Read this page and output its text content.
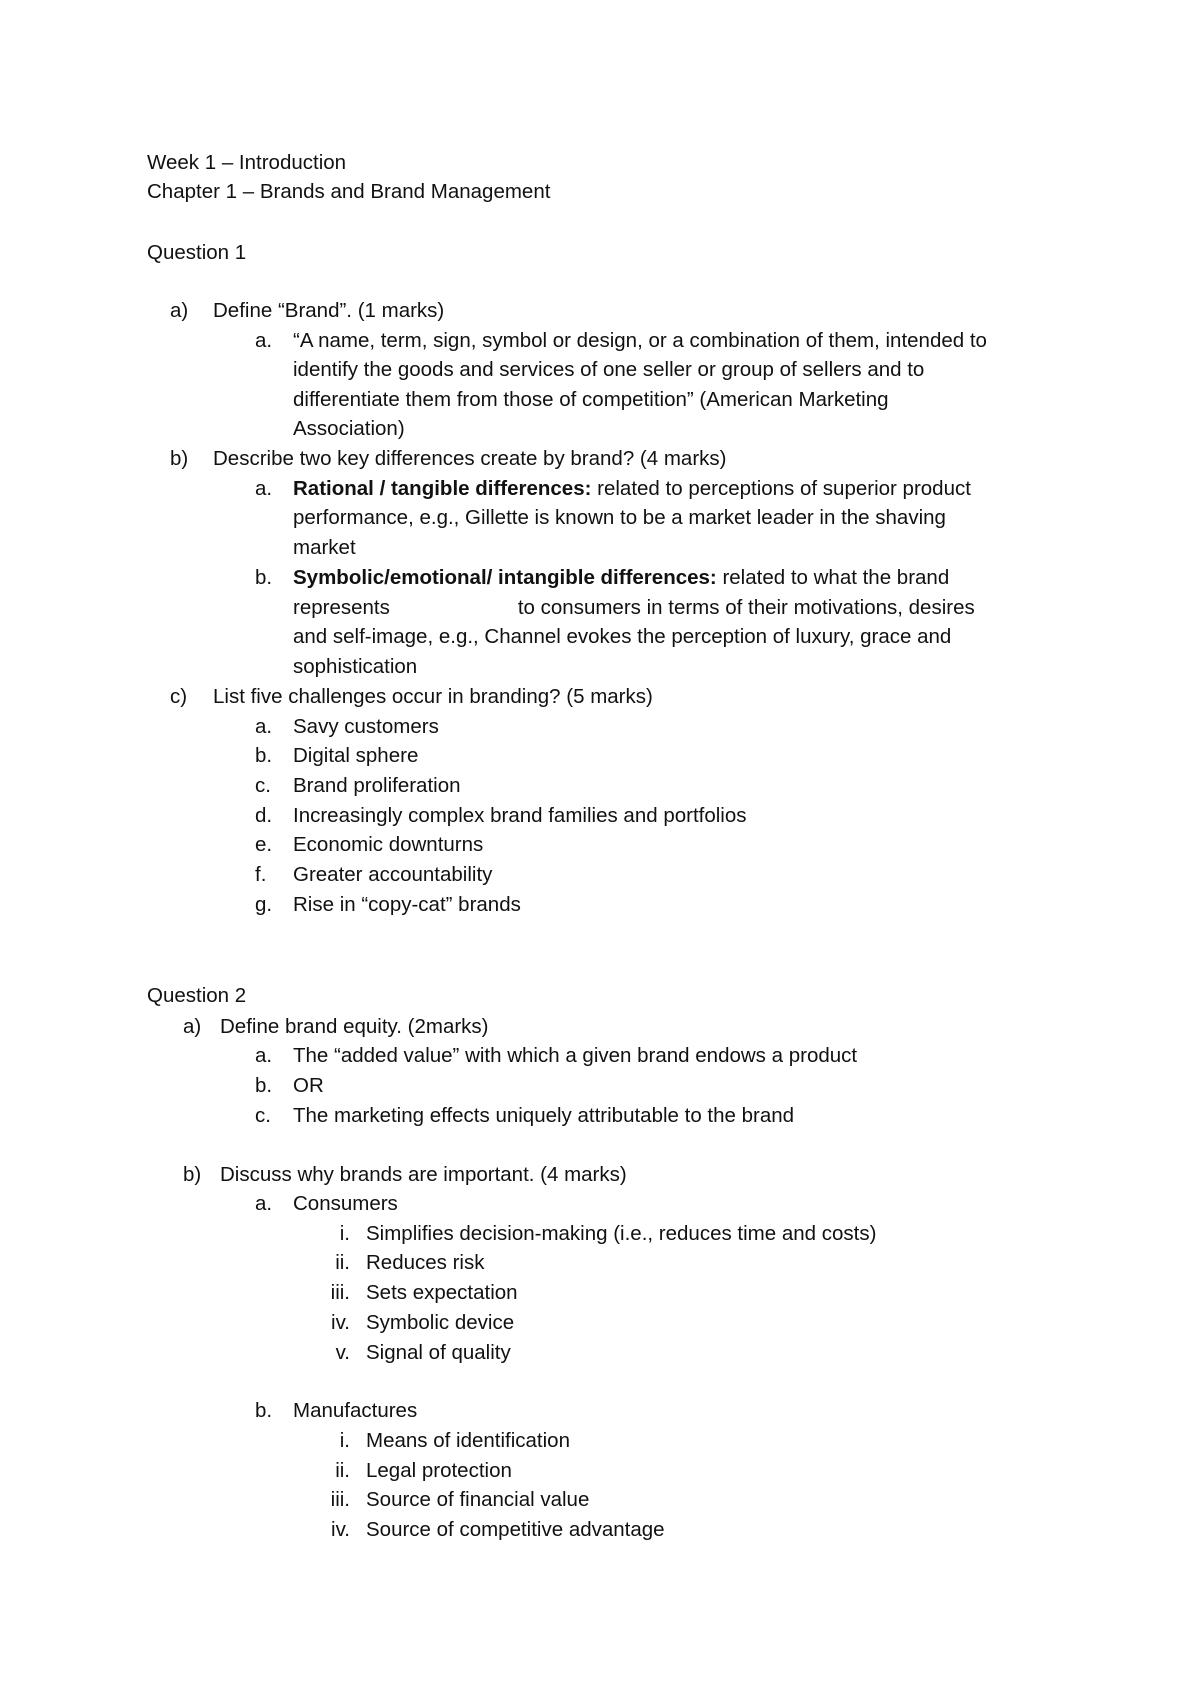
Week 1 – Introduction
Chapter 1 – Brands and Brand Management
Question 1
a) Define “Brand”. (1 marks)
a. “A name, term, sign, symbol or design, or a combination of them, intended to
identify the goods and services of one seller or group of sellers and to
differentiate them from those of competition” (American Marketing
Association)
b) Describe two key differences create by brand? (4 marks)
a. Rational / tangible differences: related to perceptions of superior product
performance, e.g., Gillette is known to be a market leader in the shaving
market
b. Symbolic/emotional/ intangible differences: related to what the brand
represents	to consumers in terms of their motivations, desires
and self-image, e.g., Channel evokes the perception of luxury, grace and
sophistication
c) List five challenges occur in branding? (5 marks)
a. Savy customers
b. Digital sphere
c. Brand proliferation
d. Increasingly complex brand families and portfolios
e. Economic downturns
f. Greater accountability
g. Rise in “copy-cat” brands
Question 2
a) Define brand equity. (2marks)
a. The “added value” with which a given brand endows a product
b. OR
c. The marketing effects uniquely attributable to the brand
b) Discuss why brands are important. (4 marks)
a. Consumers
i. Simplifies decision-making (i.e., reduces time and costs)
ii. Reduces risk
iii. Sets expectation
iv. Symbolic device
v. Signal of quality
b. Manufactures
i. Means of identification
ii. Legal protection
iii. Source of financial value
iv. Source of competitive advantage
